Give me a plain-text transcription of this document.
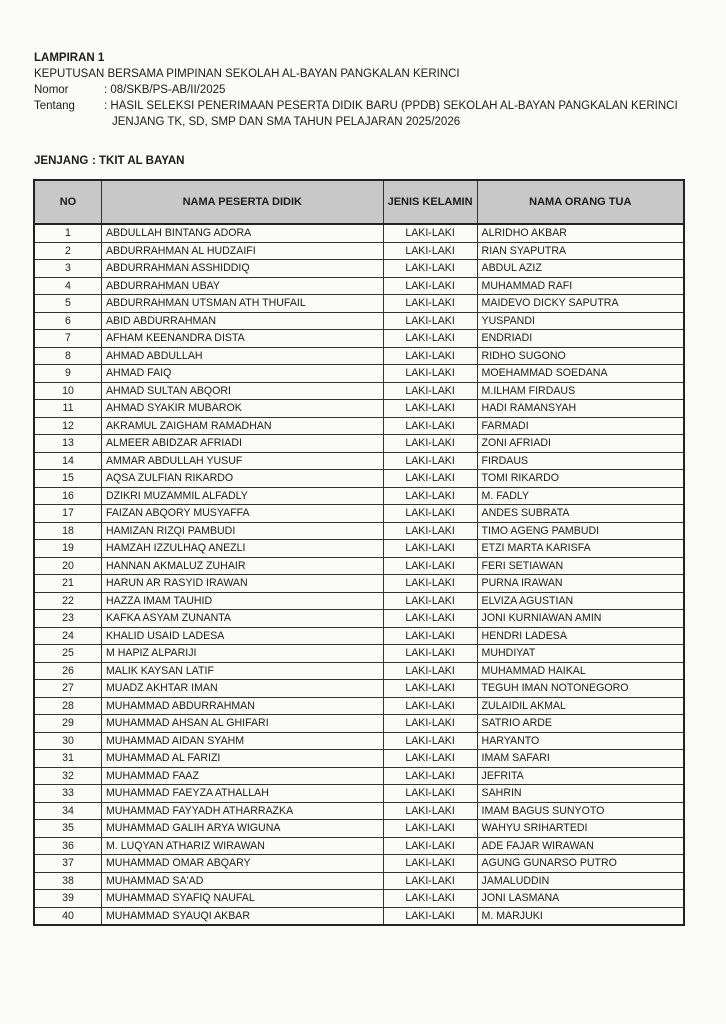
LAMPIRAN 1
KEPUTUSAN BERSAMA PIMPINAN SEKOLAH AL-BAYAN PANGKALAN KERINCI
Nomor	: 08/SKB/PS-AB/II/2025
Tentang	: HASIL SELEKSI PENERIMAAN PESERTA DIDIK BARU (PPDB) SEKOLAH AL-BAYAN PANGKALAN KERINCI
JENJANG TK, SD, SMP DAN SMA TAHUN PELAJARAN 2025/2026
JENJANG : TKIT AL BAYAN
NO	NAMA PESERTA DIDIK	JENIS KELAMIN	NAMA ORANG TUA
1	ABDULLAH BINTANG ADORA	LAKI-LAKI	ALRIDHO AKBAR
2	ABDURRAHMAN AL HUDZAIFI	LAKI-LAKI	RIAN SYAPUTRA
3	ABDURRAHMAN ASSHIDDIQ	LAKI-LAKI	ABDUL AZIZ
4	ABDURRAHMAN UBAY	LAKI-LAKI	MUHAMMAD RAFI
5	ABDURRAHMAN UTSMAN ATH THUFAIL	LAKI-LAKI	MAIDEVO DICKY SAPUTRA
6	ABID ABDURRAHMAN	LAKI-LAKI	YUSPANDI
7	AFHAM KEENANDRA DISTA	LAKI-LAKI	ENDRIADI
8	AHMAD ABDULLAH	LAKI-LAKI	RIDHO SUGONO
9	AHMAD FAIQ	LAKI-LAKI	MOEHAMMAD SOEDANA
10	AHMAD SULTAN ABQORI	LAKI-LAKI	M.ILHAM FIRDAUS
11	AHMAD SYAKIR MUBAROK	LAKI-LAKI	HADI RAMANSYAH
12	AKRAMUL ZAIGHAM RAMADHAN	LAKI-LAKI	FARMADI
13	ALMEER ABIDZAR AFRIADI	LAKI-LAKI	ZONI AFRIADI
14	AMMAR ABDULLAH YUSUF	LAKI-LAKI	FIRDAUS
15	AQSA ZULFIAN RIKARDO	LAKI-LAKI	TOMI RIKARDO
16	DZIKRI MUZAMMIL ALFADLY	LAKI-LAKI	M. FADLY
17	FAIZAN ABQORY MUSYAFFA	LAKI-LAKI	ANDES SUBRATA
18	HAMIZAN RIZQI PAMBUDI	LAKI-LAKI	TIMO AGENG PAMBUDI
19	HAMZAH IZZULHAQ ANEZLI	LAKI-LAKI	ETZI MARTA KARISFA
20	HANNAN AKMALUZ ZUHAIR	LAKI-LAKI	FERI SETIAWAN
21	HARUN AR RASYID IRAWAN	LAKI-LAKI	PURNA IRAWAN
22	HAZZA IMAM TAUHID	LAKI-LAKI	ELVIZA AGUSTIAN
23	KAFKA ASYAM ZUNANTA	LAKI-LAKI	JONI KURNIAWAN AMIN
24	KHALID USAID LADESA	LAKI-LAKI	HENDRI LADESA
25	M HAPIZ ALPARIJI	LAKI-LAKI	MUHDIYAT
26	MALIK KAYSAN LATIF	LAKI-LAKI	MUHAMMAD HAIKAL
27	MUADZ AKHTAR IMAN	LAKI-LAKI	TEGUH IMAN NOTONEGORO
28	MUHAMMAD ABDURRAHMAN	LAKI-LAKI	ZULAIDIL AKMAL
29	MUHAMMAD AHSAN AL GHIFARI	LAKI-LAKI	SATRIO ARDE
30	MUHAMMAD AIDAN SYAHM	LAKI-LAKI	HARYANTO
31	MUHAMMAD AL FARIZI	LAKI-LAKI	IMAM SAFARI
32	MUHAMMAD FAAZ	LAKI-LAKI	JEFRITA
33	MUHAMMAD FAEYZA ATHALLAH	LAKI-LAKI	SAHRIN
34	MUHAMMAD FAYYADH ATHARRAZKA	LAKI-LAKI	IMAM BAGUS SUNYOTO
35	MUHAMMAD GALIH ARYA WIGUNA	LAKI-LAKI	WAHYU SRIHARTEDI
36	M. LUQYAN ATHARIZ WIRAWAN	LAKI-LAKI	ADE FAJAR WIRAWAN
37	MUHAMMAD OMAR ABQARY	LAKI-LAKI	AGUNG GUNARSO PUTRO
38	MUHAMMAD SA'AD	LAKI-LAKI	JAMALUDDIN
39	MUHAMMAD SYAFIQ NAUFAL	LAKI-LAKI	JONI LASMANA
40	MUHAMMAD SYAUQI AKBAR	LAKI-LAKI	M. MARJUKI
